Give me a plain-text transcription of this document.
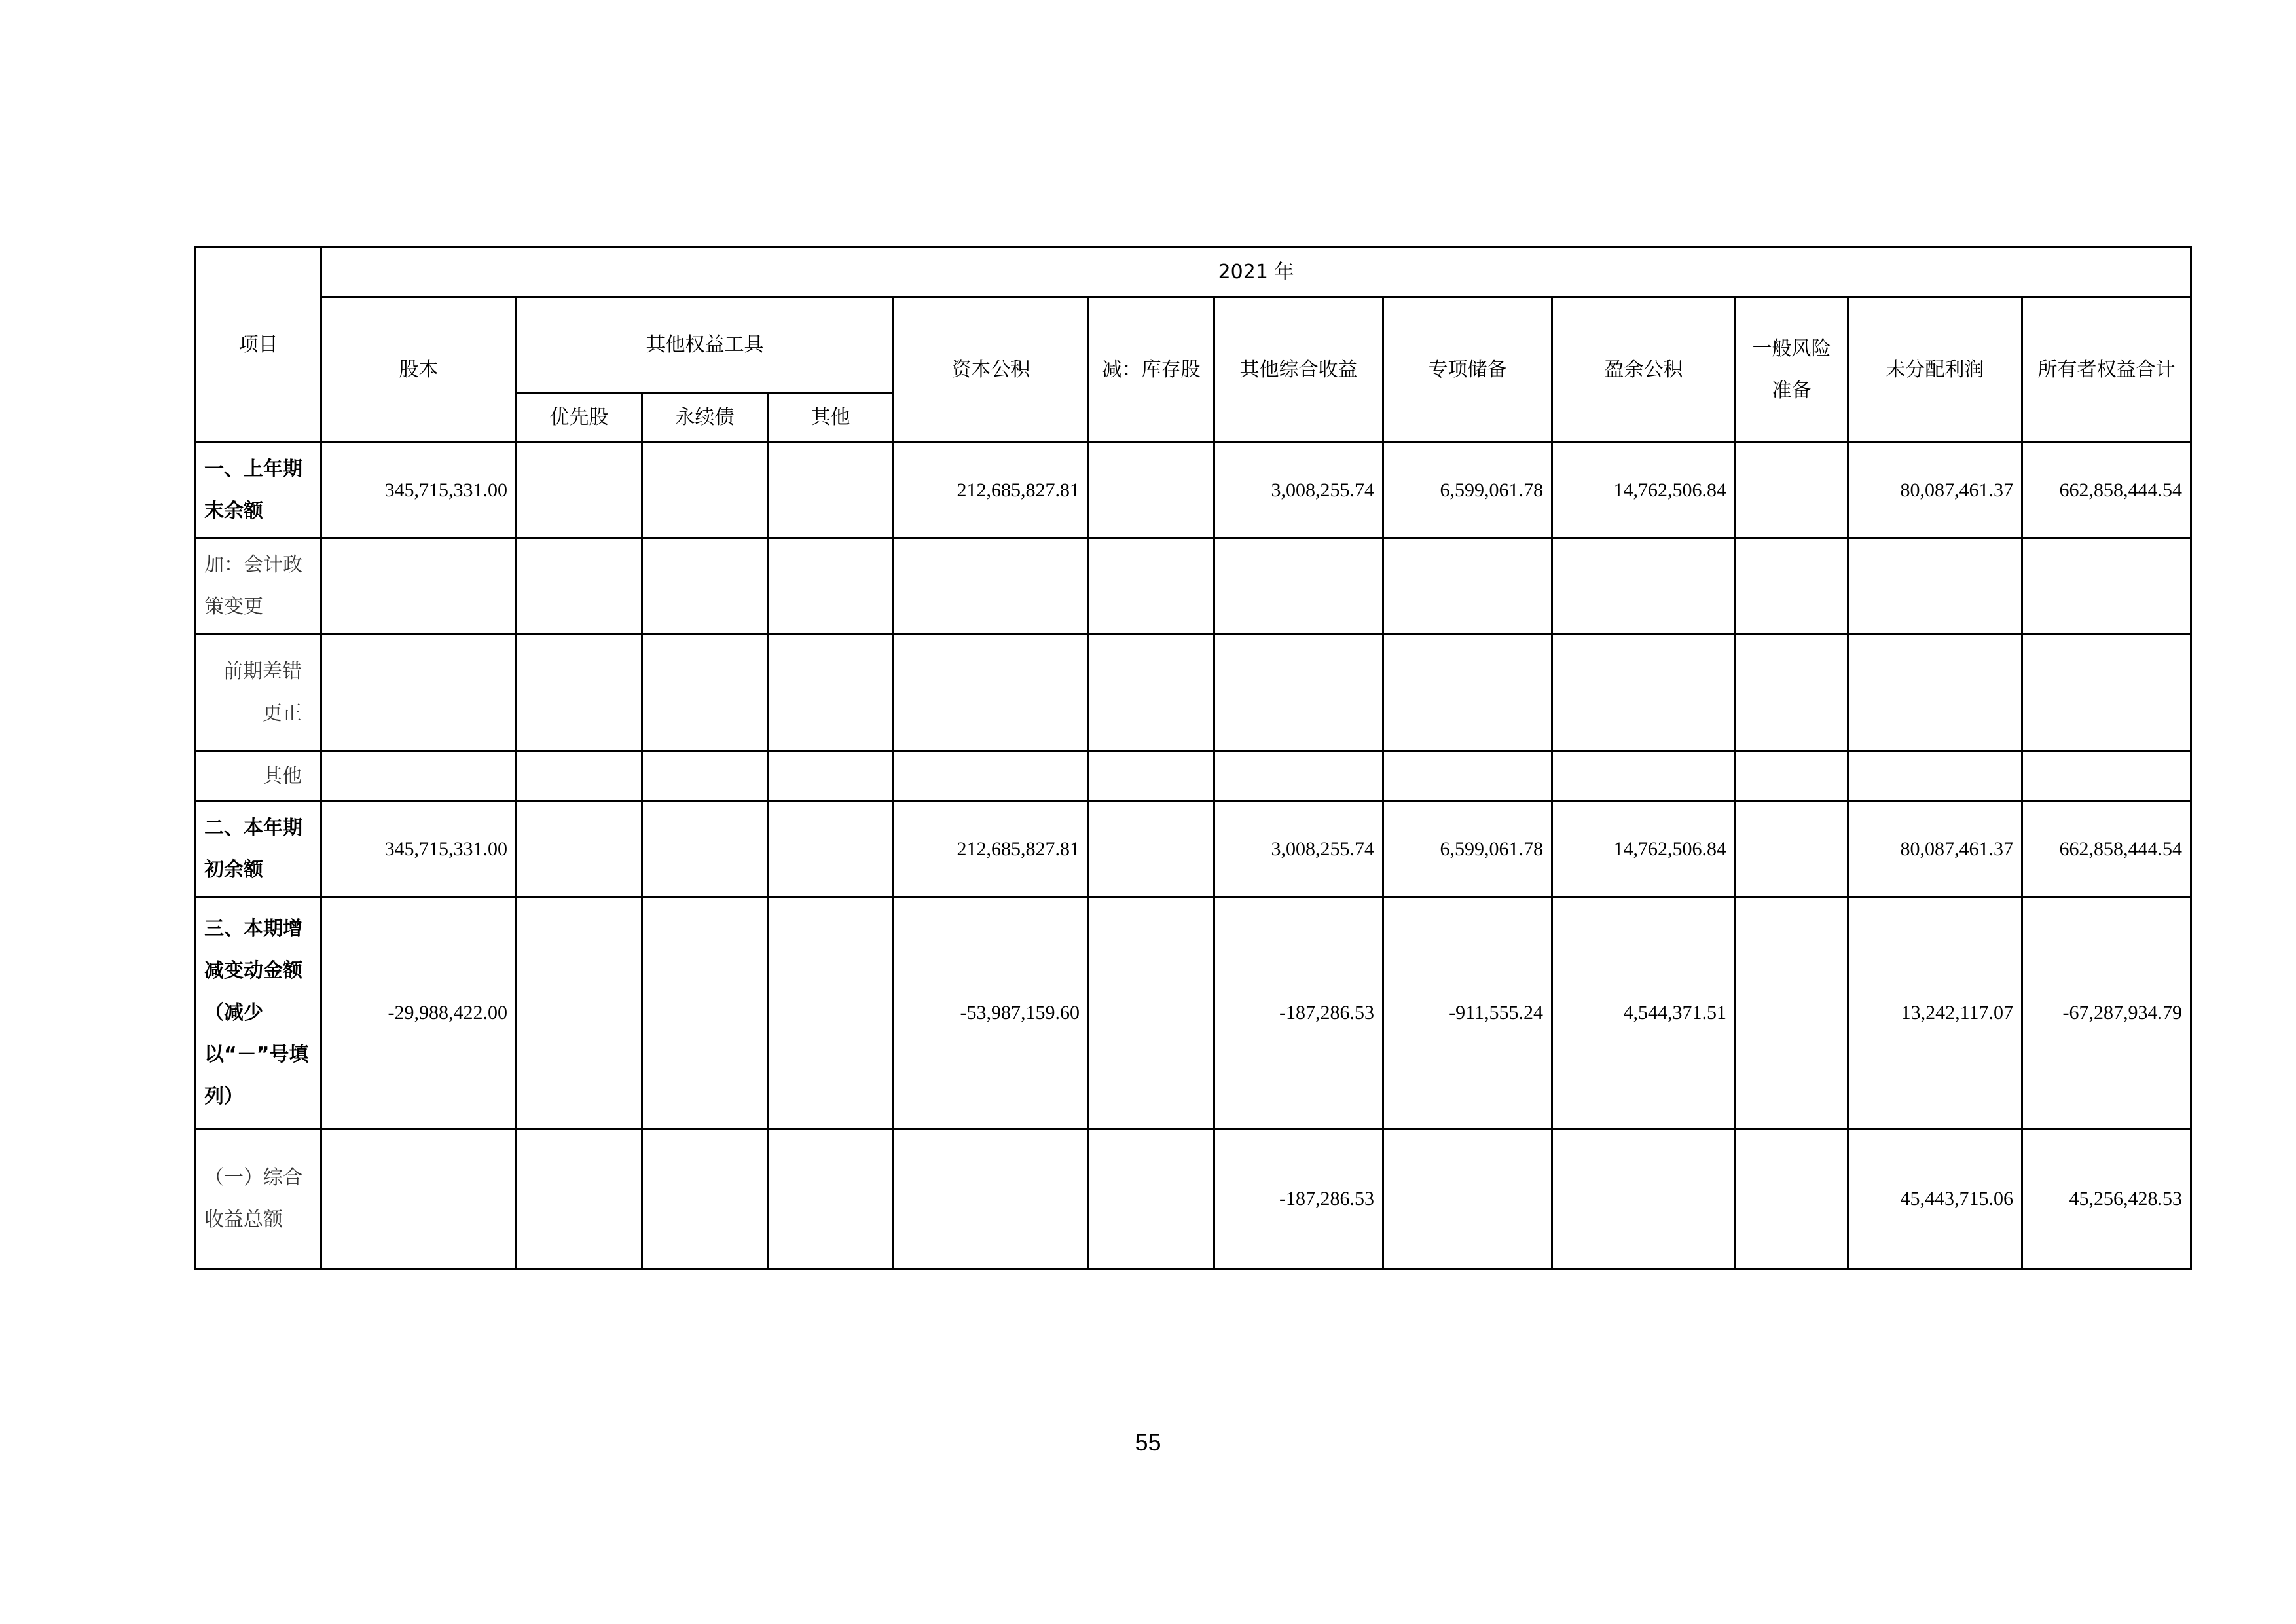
项目	2021 年											
	股本	其他权益工具			资本公积	减：库存股	其他综合收益	专项储备	盈余公积	一般风险准备	未分配利润	所有者权益合计
		优先股	永续债	其他								
一、上年期末余额	345,715,331.00				212,685,827.81		3,008,255.74	6,599,061.78	14,762,506.84		80,087,461.37	662,858,444.54
加：会计政策变更												
前期差错更正												
其他												
二、本年期初余额	345,715,331.00				212,685,827.81		3,008,255.74	6,599,061.78	14,762,506.84		80,087,461.37	662,858,444.54
三、本期增减变动金额（减少以“－”号填列）	-29,988,422.00				-53,987,159.60		-187,286.53	-911,555.24	4,544,371.51		13,242,117.07	-67,287,934.79
（一）综合收益总额							-187,286.53				45,443,715.06	45,256,428.53
55
